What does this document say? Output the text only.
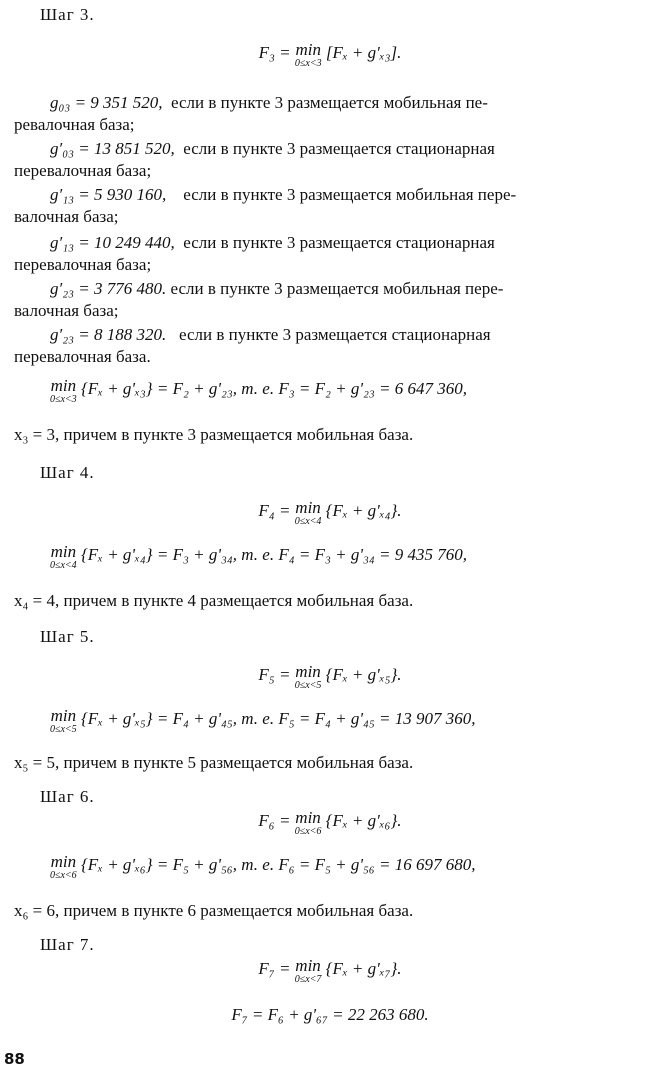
Шаг 3.
F₃ = min
0≤x<3
[Fₓ + g'ₓ₃].
g₀₃ = 9 351 520, если в пункте 3 размещается мобильная пе-
ревалочная база;
g′₀₃ = 13 851 520, если в пункте 3 размещается стационарная
перевалочная база;
g′₁₃ = 5 930 160, если в пункте 3 размещается мобильная пере-
валочная база;
g′₁₃ = 10 249 440, если в пункте 3 размещается стационарная
перевалочная база;
g′₂₃ = 3 776 480. если в пункте 3 размещается мобильная пере-
валочная база;
g′₂₃ = 8 188 320. если в пункте 3 размещается стационарная
перевалочная база.
min
0≤x<3
{Fₓ + g'ₓ₃} = F₂ + g'₂₃, т. е. F₃ = F₂ + g'₂₃ = 6 647 360,
x₃ = 3, причем в пункте 3 размещается мобильная база.
Шаг 4.
F₄ = min
0≤x<4
{Fₓ + g'ₓ₄}.
min
0≤x<4
{Fₓ + g'ₓ₄} = F₃ + g'₃₄, т. е. F₄ = F₃ + g'₃₄ = 9 435 760,
x₄ = 4, причем в пункте 4 размещается мобильная база.
Шаг 5.
F₅ = min
0≤x<5
{Fₓ + g'ₓ₅}.
min
0≤x<5
{Fₓ + g'ₓ₅} = F₄ + g'₄₅, т. е. F₅ = F₄ + g'₄₅ = 13 907 360,
x₅ = 5, причем в пункте 5 размещается мобильная база.
Шаг 6.
F₆ = min
0≤x<6
{Fₓ + g'ₓ₆}.
min
0≤x<6
{Fₓ + g'ₓ₆} = F₅ + g'₅₆, т. е. F₆ = F₅ + g'₅₆ = 16 697 680,
x₆ = 6, причем в пункте 6 размещается мобильная база.
Шаг 7.
F₇ = min
0≤x<7
{Fₓ + g'ₓ₇}.
F₇ = F₆ + g'₆₇ = 22 263 680.
88
